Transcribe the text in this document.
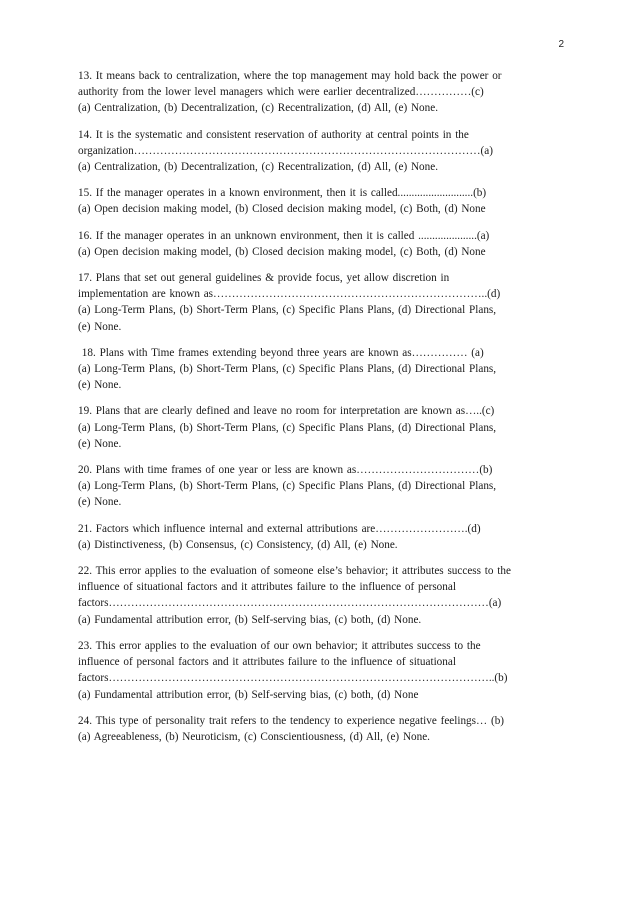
2
13. It means back to centralization, where the top management may hold back the power or
authority from the lower level managers which were earlier decentralized……………(c)
(a) Centralization, (b) Decentralization, (c) Recentralization, (d) All, (e) None.
14. It is the systematic and consistent reservation of authority at central points in the
organization…………………………………………………………………………………(a)
(a) Centralization, (b) Decentralization, (c) Recentralization, (d) All, (e) None.
15. If the manager operates in a known environment, then it is called...........................(b)
(a) Open decision making model, (b) Closed decision making model, (c) Both, (d) None
16. If the manager operates in an unknown environment, then it is called .....................(a)
(a) Open decision making model, (b) Closed decision making model, (c) Both, (d) None
17. Plans that set out general guidelines & provide focus, yet allow discretion in
implementation are known as………………………………………………………………..(d)
(a) Long-Term Plans, (b) Short-Term Plans, (c) Specific Plans Plans, (d) Directional Plans,
(e) None.
18. Plans with Time frames extending beyond three years are known as…………… (a)
(a) Long-Term Plans, (b) Short-Term Plans, (c) Specific Plans Plans, (d) Directional Plans,
(e) None.
19. Plans that are clearly defined and leave no room for interpretation are known as…..(c)
(a) Long-Term Plans, (b) Short-Term Plans, (c) Specific Plans Plans, (d) Directional Plans,
(e) None.
20. Plans with time frames of one year or less are known as……………………………(b)
(a) Long-Term Plans, (b) Short-Term Plans, (c) Specific Plans Plans, (d) Directional Plans,
(e) None.
21. Factors which influence internal and external attributions are…………………….(d)
(a) Distinctiveness, (b) Consensus, (c) Consistency, (d) All, (e) None.
22. This error applies to the evaluation of someone else’s behavior; it attributes success to the
influence of situational factors and it attributes failure to the influence of personal
factors…………………………………………………………………………………………(a)
(a) Fundamental attribution error, (b) Self-serving bias, (c) both, (d) None.
23. This error applies to the evaluation of our own behavior; it attributes success to the
influence of personal factors and it attributes failure to the influence of situational
factors…………………………………………………………………………………………..(b)
(a) Fundamental attribution error, (b) Self-serving bias, (c) both, (d) None
24. This type of personality trait refers to the tendency to experience negative feelings… (b)
(a) Agreeableness, (b) Neuroticism, (c) Conscientiousness, (d) All, (e) None.
